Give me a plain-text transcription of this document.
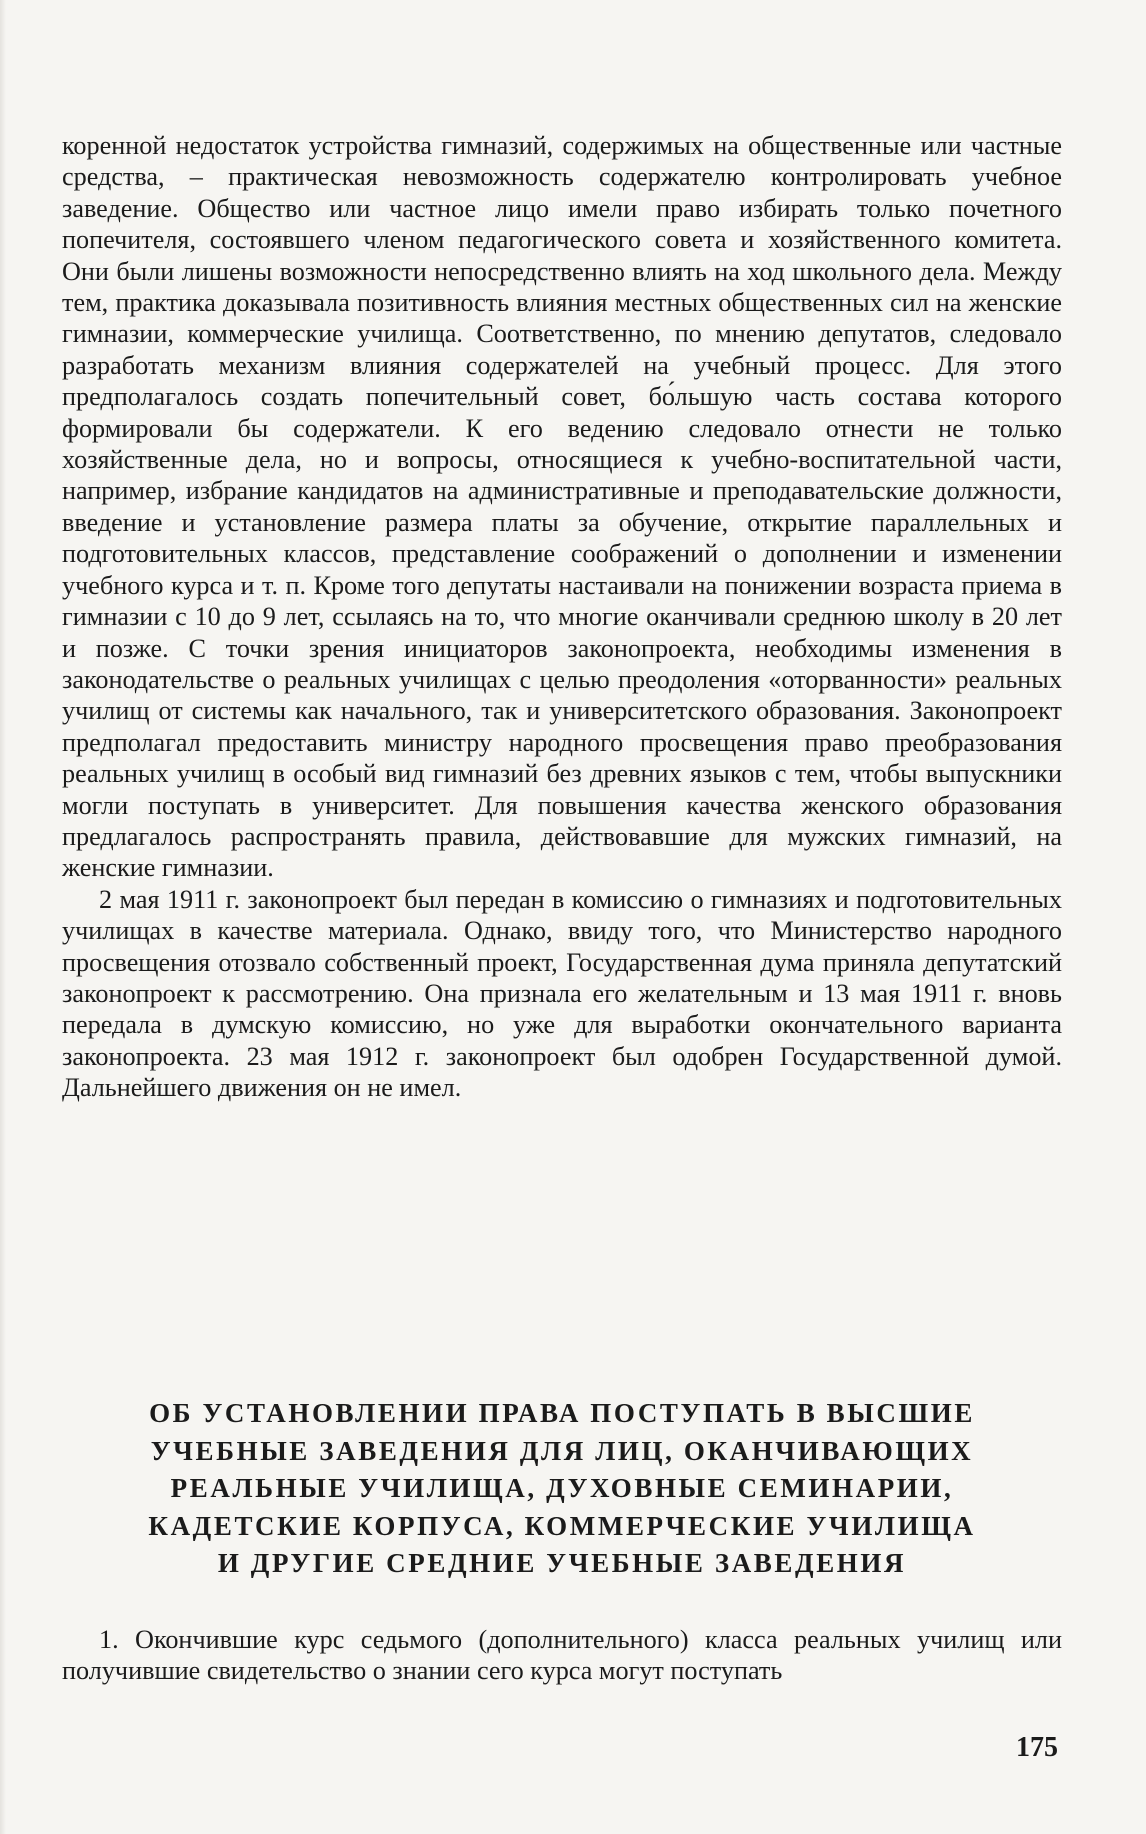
коренной недостаток устройства гимназий, содержимых на общественные или частные средства, – практическая невозможность содержателю контролировать учебное заведение. Общество или частное лицо имели право избирать только почетного попечителя, состоявшего членом педагогического совета и хозяйственного комитета. Они были лишены возможности непосредственно влиять на ход школьного дела. Между тем, практика доказывала позитивность влияния местных общественных сил на женские гимназии, коммерческие училища. Соответственно, по мнению депутатов, следовало разработать механизм влияния содержателей на учебный процесс. Для этого предполагалось создать попечительный совет, бо́льшую часть состава которого формировали бы содержатели. К его ведению следовало отнести не только хозяйственные дела, но и вопросы, относящиеся к учебно-воспитательной части, например, избрание кандидатов на административные и преподавательские должности, введение и установление размера платы за обучение, открытие параллельных и подготовительных классов, представление соображений о дополнении и изменении учебного курса и т. п. Кроме того депутаты настаивали на понижении возраста приема в гимназии с 10 до 9 лет, ссылаясь на то, что многие оканчивали среднюю школу в 20 лет и позже. С точки зрения инициаторов законопроекта, необходимы изменения в законодательстве о реальных училищах с целью преодоления «оторванности» реальных училищ от системы как начального, так и университетского образования. Законопроект предполагал предоставить министру народного просвещения право преобразования реальных училищ в особый вид гимназий без древних языков с тем, чтобы выпускники могли поступать в университет. Для повышения качества женского образования предлагалось распространять правила, действовавшие для мужских гимназий, на женские гимназии.

2 мая 1911 г. законопроект был передан в комиссию о гимназиях и подготовительных училищах в качестве материала. Однако, ввиду того, что Министерство народного просвещения отозвало собственный проект, Государственная дума приняла депутатский законопроект к рассмотрению. Она признала его желательным и 13 мая 1911 г. вновь передала в думскую комиссию, но уже для выработки окончательного варианта законопроекта. 23 мая 1912 г. законопроект был одобрен Государственной думой. Дальнейшего движения он не имел.

ОБ УСТАНОВЛЕНИИ ПРАВА ПОСТУПАТЬ В ВЫСШИЕ
УЧЕБНЫЕ ЗАВЕДЕНИЯ ДЛЯ ЛИЦ, ОКАНЧИВАЮЩИХ
РЕАЛЬНЫЕ УЧИЛИЩА, ДУХОВНЫЕ СЕМИНАРИИ,
КАДЕТСКИЕ КОРПУСА, КОММЕРЧЕСКИЕ УЧИЛИЩА
И ДРУГИЕ СРЕДНИЕ УЧЕБНЫЕ ЗАВЕДЕНИЯ

1. Окончившие курс седьмого (дополнительного) класса реальных училищ или получившие свидетельство о знании сего курса могут поступать

175
